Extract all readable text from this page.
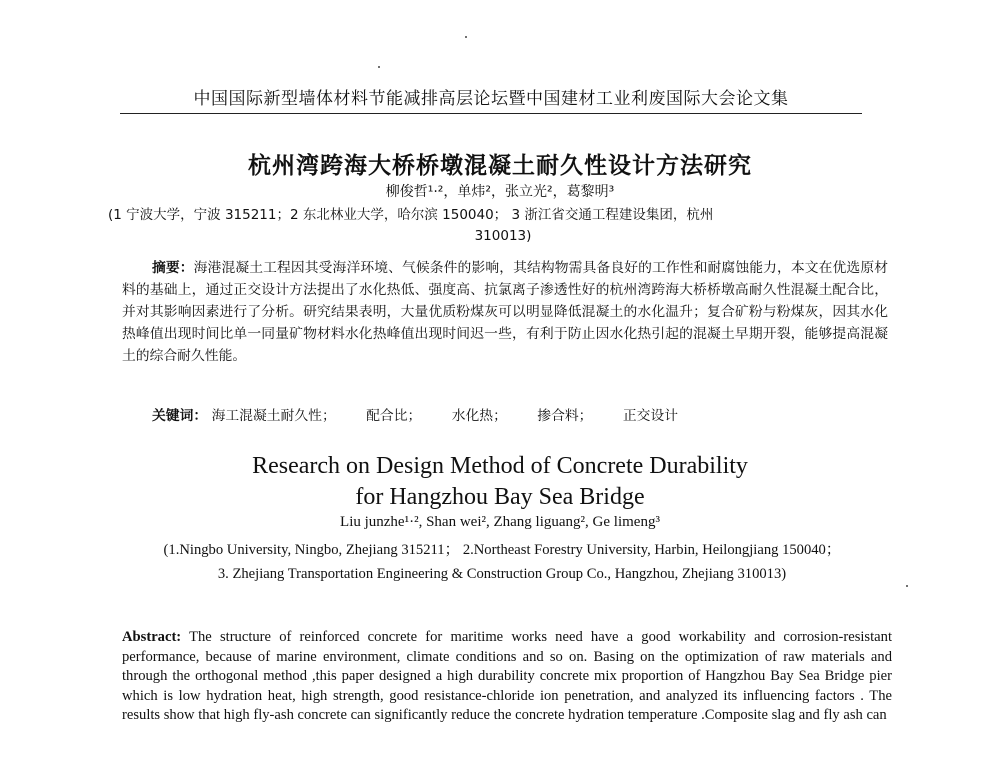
中国国际新型墙体材料节能减排高层论坛暨中国建材工业利废国际大会论文集
杭州湾跨海大桥桥墩混凝土耐久性设计方法研究
柳俊哲¹·²，单炜²，张立光²，葛黎明³
(1 宁波大学，宁波 315211；2 东北林业大学，哈尔滨 150040； 3 浙江省交通工程建设集团，杭州
310013)
摘要：海港混凝土工程因其受海洋环境、气候条件的影响，其结构物需具备良好的工作性和耐腐蚀能力，本文在优选原材料的基础上，通过正交设计方法提出了水化热低、强度高、抗氯离子渗透性好的杭州湾跨海大桥桥墩高耐久性混凝土配合比，并对其影响因素进行了分析。研究结果表明，大量优质粉煤灰可以明显降低混凝土的水化温升；复合矿粉与粉煤灰，因其水化热峰值出现时间比单一同量矿物材料水化热峰值出现时间迟一些，有利于防止因水化热引起的混凝土早期开裂，能够提高混凝土的综合耐久性能。
关键词： 海工混凝土耐久性； 配合比； 水化热； 掺合料； 正交设计
Research on Design Method of Concrete Durability
for Hangzhou Bay Sea Bridge
Liu junzhe¹·², Shan wei², Zhang liguang², Ge limeng³
(1.Ningbo University, Ningbo, Zhejiang 315211； 2.Northeast Forestry University, Harbin, Heilongjiang 150040；
3. Zhejiang Transportation Engineering & Construction Group Co., Hangzhou, Zhejiang 310013)
Abstract: The structure of reinforced concrete for maritime works need have a good workability and corrosion-resistant performance, because of marine environment, climate conditions and so on. Basing on the optimization of raw materials and through the orthogonal method ,this paper designed a high durability concrete mix proportion of Hangzhou Bay Sea Bridge pier which is low hydration heat, high strength, good resistance-chloride ion penetration, and analyzed its influencing factors . The results show that high fly-ash concrete can significantly reduce the concrete hydration temperature .Composite slag and fly ash can
